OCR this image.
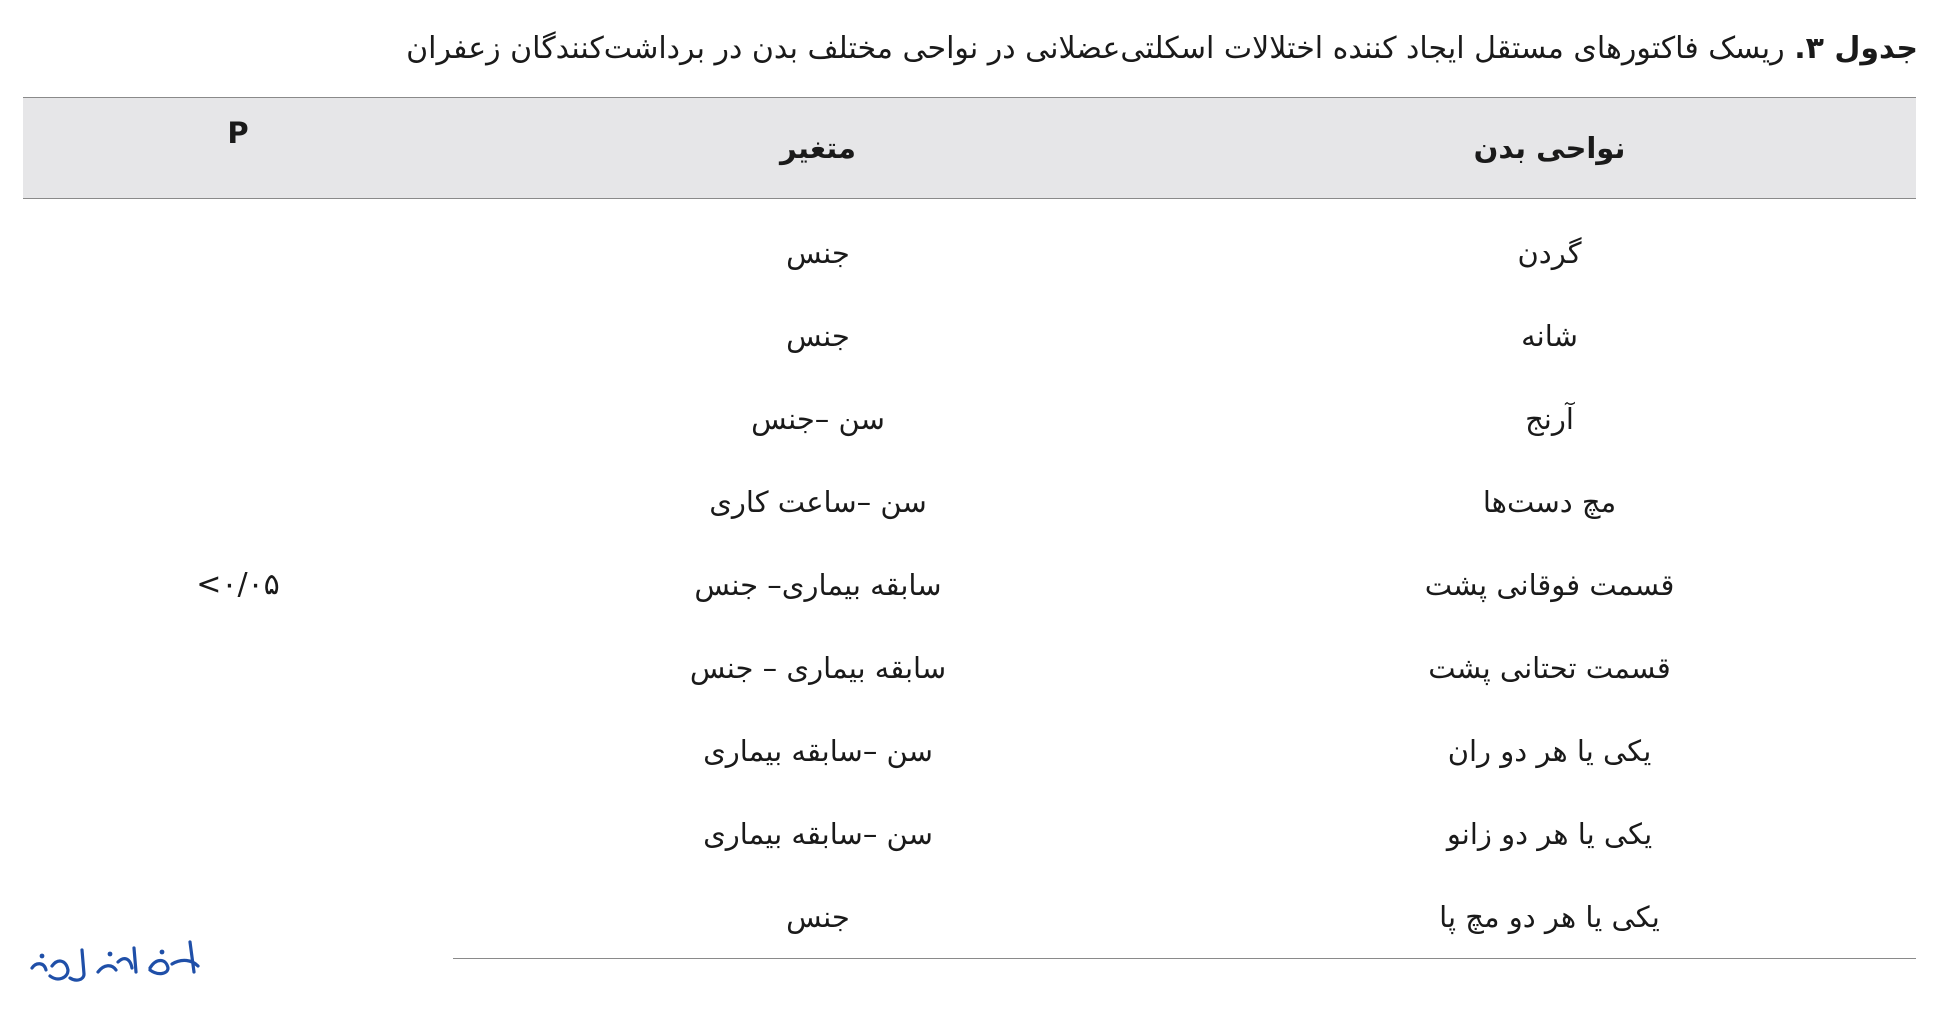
جدول ۳. ریسک فاکتورهای مستقل ایجاد کننده اختلالات اسکلتی‌عضلانی در نواحی مختلف بدن در برداشت‌کنندگان زعفران
نواحی بدن	متغیر	P
گردن	جنس	<۰/۰۵
شانه	جنس	
آرنج	سن –جنس	
مچ دست‌ها	سن –ساعت کاری	
قسمت فوقانی پشت	سابقه بیماری– جنس	
قسمت تحتانی پشت	سابقه بیماری – جنس	
یکی یا هر دو ران	سن –سابقه بیماری	
یکی یا هر دو زانو	سن –سابقه بیماری	
یکی یا هر دو مچ پا	جنس	
